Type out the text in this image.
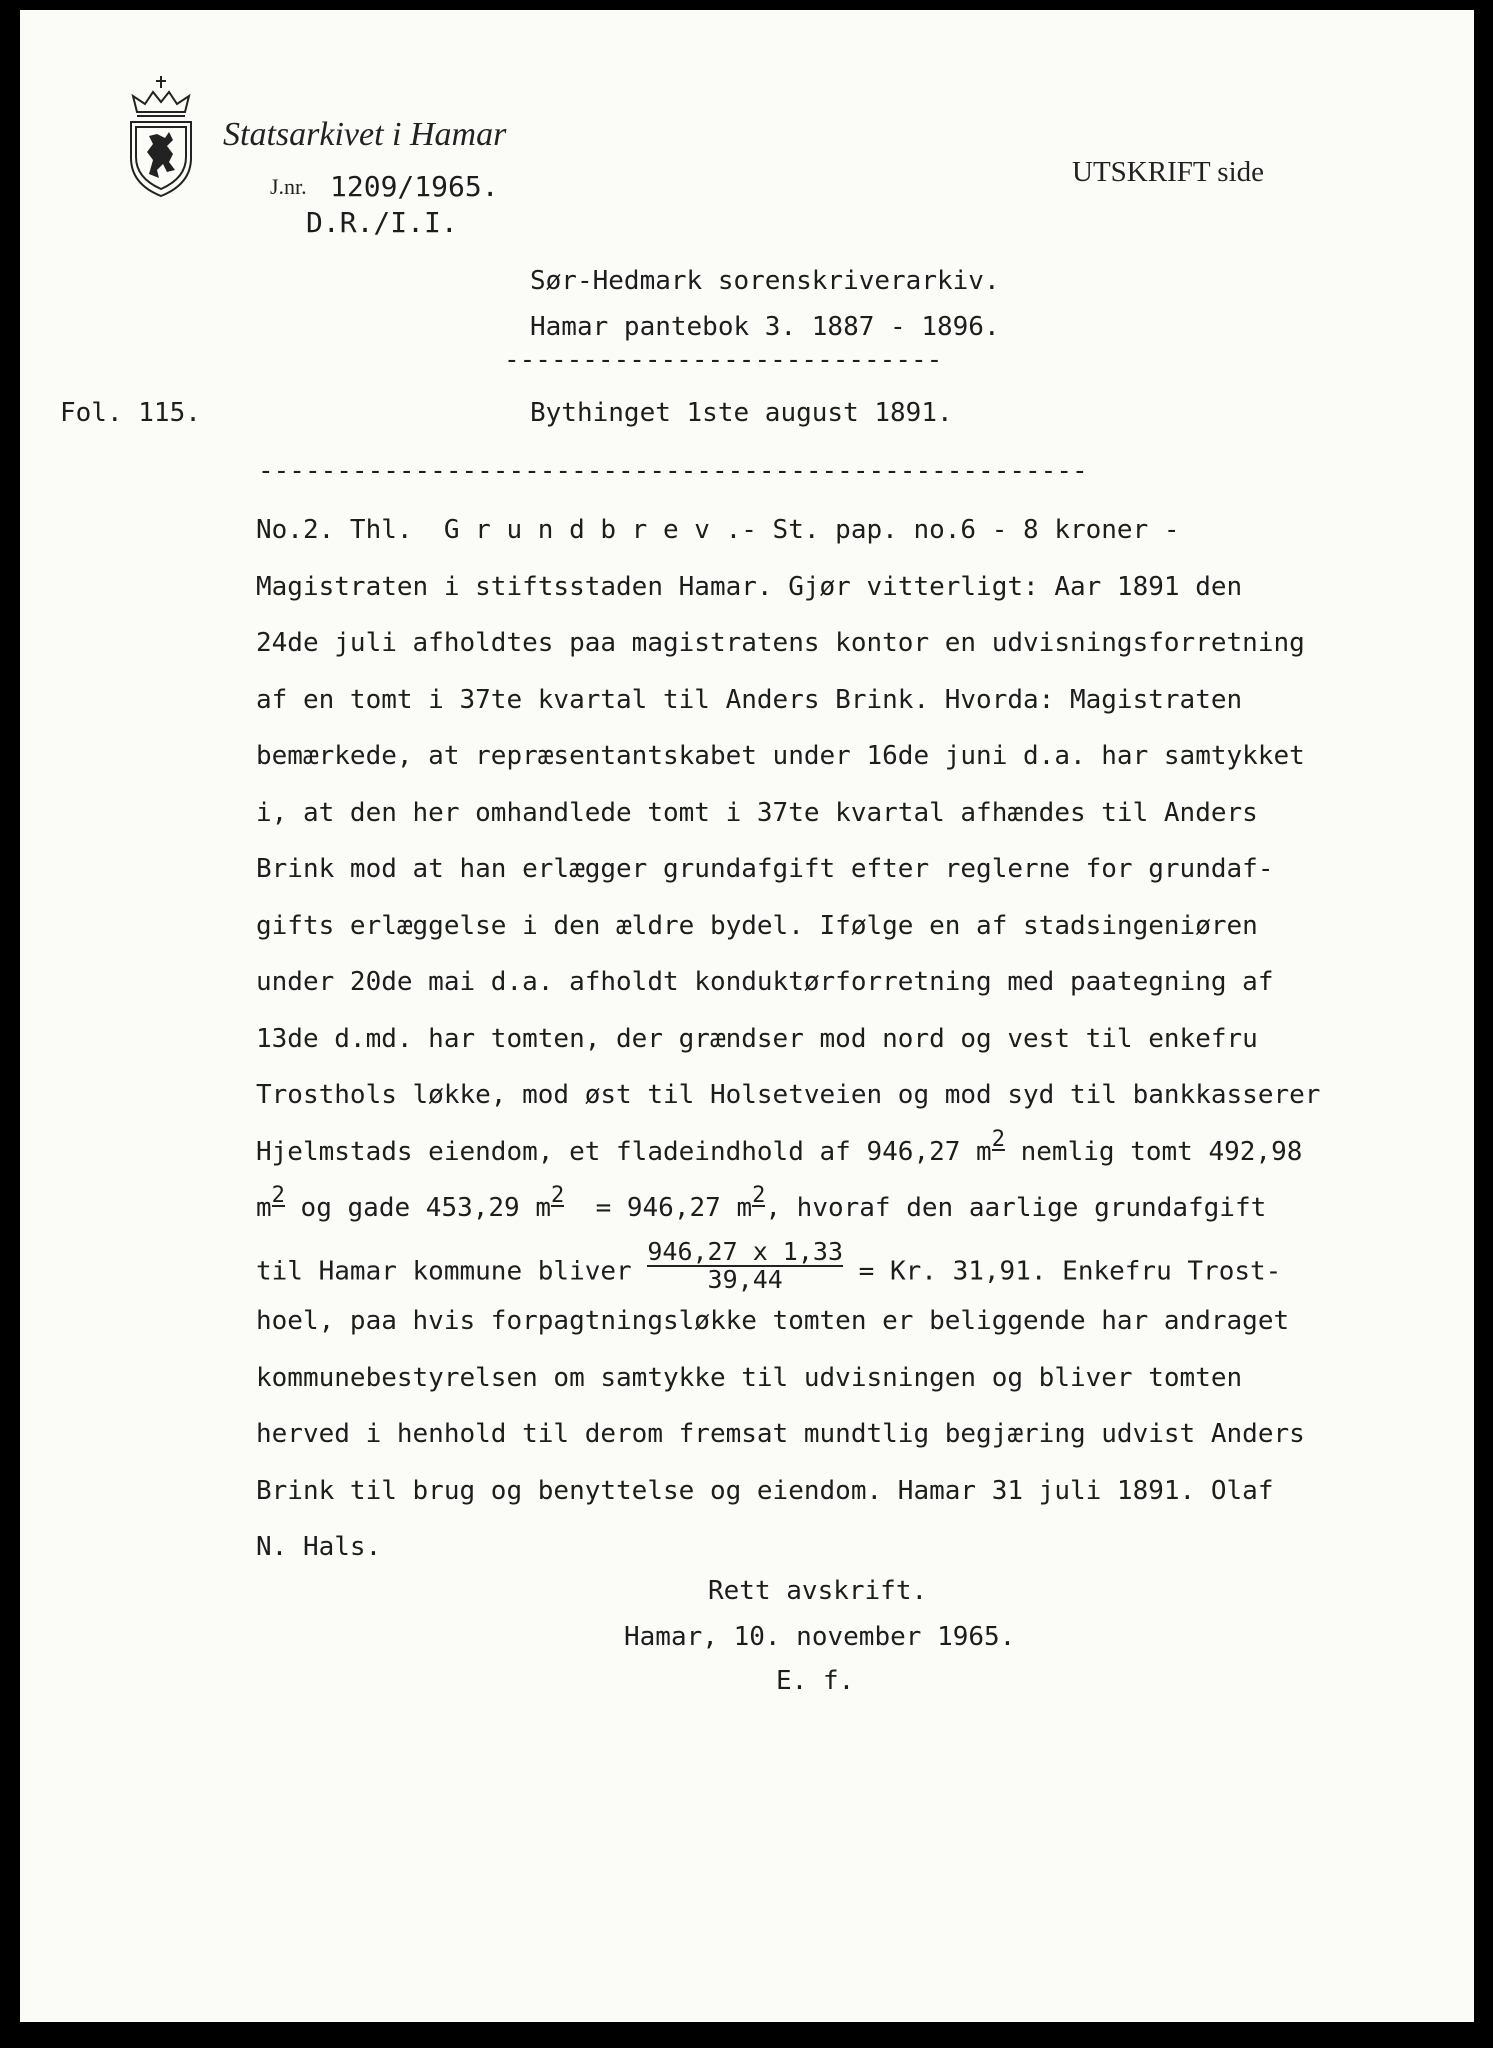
Statsarkivet i Hamar
J.nr. 1209/1965.
D.R./I.I.
UTSKRIFT side
Sør-Hedmark sorenskriverarkiv.
Hamar pantebok 3. 1887 - 1896.
----------------------------
Fol. 115.	Bythinget 1ste august 1891.
-----------------------------------------------------

No.2. Thl.  G r u n d b r e v .- St. pap. no.6 - 8 kroner -

Magistraten i stiftsstaden Hamar. Gjør vitterligt: Aar 1891 den

24de juli afholdtes paa magistratens kontor en udvisningsforretning

af en tomt i 37te kvartal til Anders Brink. Hvorda: Magistraten

bemærkede, at repræsentantskabet under 16de juni d.a. har samtykket

i, at den her omhandlede tomt i 37te kvartal afhændes til Anders

Brink mod at han erlægger grundafgift efter reglerne for grundaf-

gifts erlæggelse i den ældre bydel. Ifølge en af stadsingeniøren

under 20de mai d.a. afholdt konduktørforretning med paategning af

13de d.md. har tomten, der grændser mod nord og vest til enkefru

Trosthols løkke, mod øst til Holsetveien og mod syd til bankkasserer

Hjelmstads eiendom, et fladeindhold af 946,27 m2 nemlig tomt 492,98

m2 og gade 453,29 m2  = 946,27 m2, hvoraf den aarlige grundafgift

til Hamar kommune bliver $\frac{946,27 x 1,33}{39,44} = Kr$. 31,91. Enkefru Trost-

hoel, paa hvis forpagtningsløkke tomten er beliggende har andraget

kommunebestyrelsen om samtykke til udvisningen og bliver tomten

herved i henhold til derom fremsat mundtlig begjæring udvist Anders

Brink til brug og benyttelse og eiendom. Hamar 31 juli 1891. Olaf

N. Hals.

Rett avskrift.
Hamar, 10. november 1965.
E. f.
